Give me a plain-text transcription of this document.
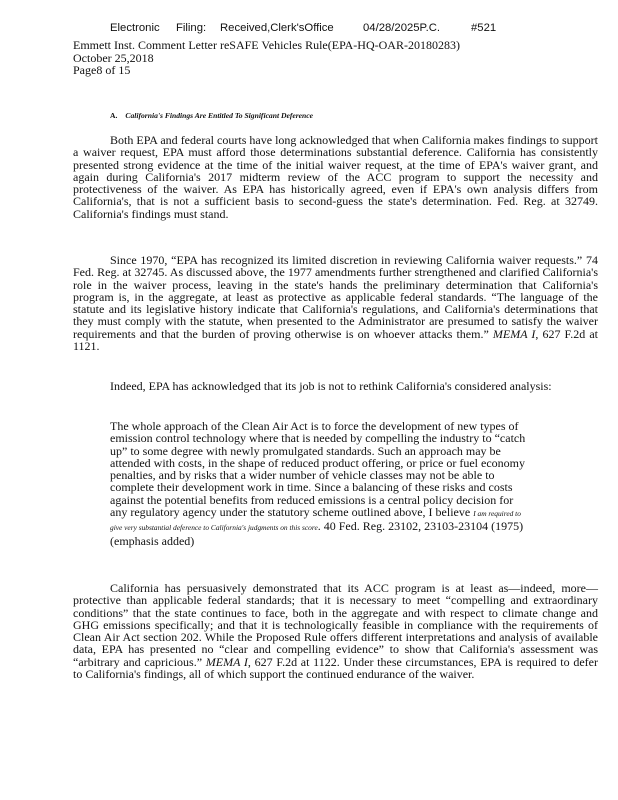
Electronic Filing: Received,Clerk'sOffice	04/28/2025P.C.	#521
Emmett Inst. Comment Letter reSAFE Vehicles Rule(EPA-HQ-OAR-20180283)
October 25,2018
Page8 of 15
A. California's Findings Are Entitled To Significant Deference

Both EPA and federal courts have long acknowledged that when California makes findings to support a waiver request, EPA must afford those determinations substantial deference. California has consistently presented strong evidence at the time of the initial waiver request, at the time of EPA's waiver grant, and again during California's 2017 midterm review of the ACC program to support the necessity and protectiveness of the waiver. As EPA has historically agreed, even if EPA's own analysis differs from California's, that is not a sufficient basis to second-guess the state's determination. Fed. Reg. at 32749. California's findings must stand.

Since 1970, “EPA has recognized its limited discretion in reviewing California waiver requests.” 74 Fed. Reg. at 32745. As discussed above, the 1977 amendments further strengthened and clarified California's role in the waiver process, leaving in the state's hands the preliminary determination that California's program is, in the aggregate, at least as protective as applicable federal standards. “The language of the statute and its legislative history indicate that California's regulations, and California's determinations that they must comply with the statute, when presented to the Administrator are presumed to satisfy the waiver requirements and that the burden of proving otherwise is on whoever attacks them.” MEMA I, 627 F.2d at 1121.

Indeed, EPA has acknowledged that its job is not to rethink California's considered analysis:

The whole approach of the Clean Air Act is to force the development of new types of emission control technology where that is needed by compelling the industry to “catch up” to some degree with newly promulgated standards. Such an approach may be attended with costs, in the shape of reduced product offering, or price or fuel economy penalties, and by risks that a wider number of vehicle classes may not be able to complete their development work in time. Since a balancing of these risks and costs against the potential benefits from reduced emissions is a central policy decision for any regulatory agency under the statutory scheme outlined above, I believe I am required to give very substantial deference to California's judgments on this score. 40 Fed. Reg. 23102, 23103-23104 (1975) (emphasis added)

California has persuasively demonstrated that its ACC program is at least as—indeed, more—protective than applicable federal standards; that it is necessary to meet “compelling and extraordinary conditions” that the state continues to face, both in the aggregate and with respect to climate change and GHG emissions specifically; and that it is technologically feasible in compliance with the requirements of Clean Air Act section 202. While the Proposed Rule offers different interpretations and analysis of available data, EPA has presented no “clear and compelling evidence” to show that California's assessment was “arbitrary and capricious.” MEMA I, 627 F.2d at 1122. Under these circumstances, EPA is required to defer to California's findings, all of which support the continued endurance of the waiver.
